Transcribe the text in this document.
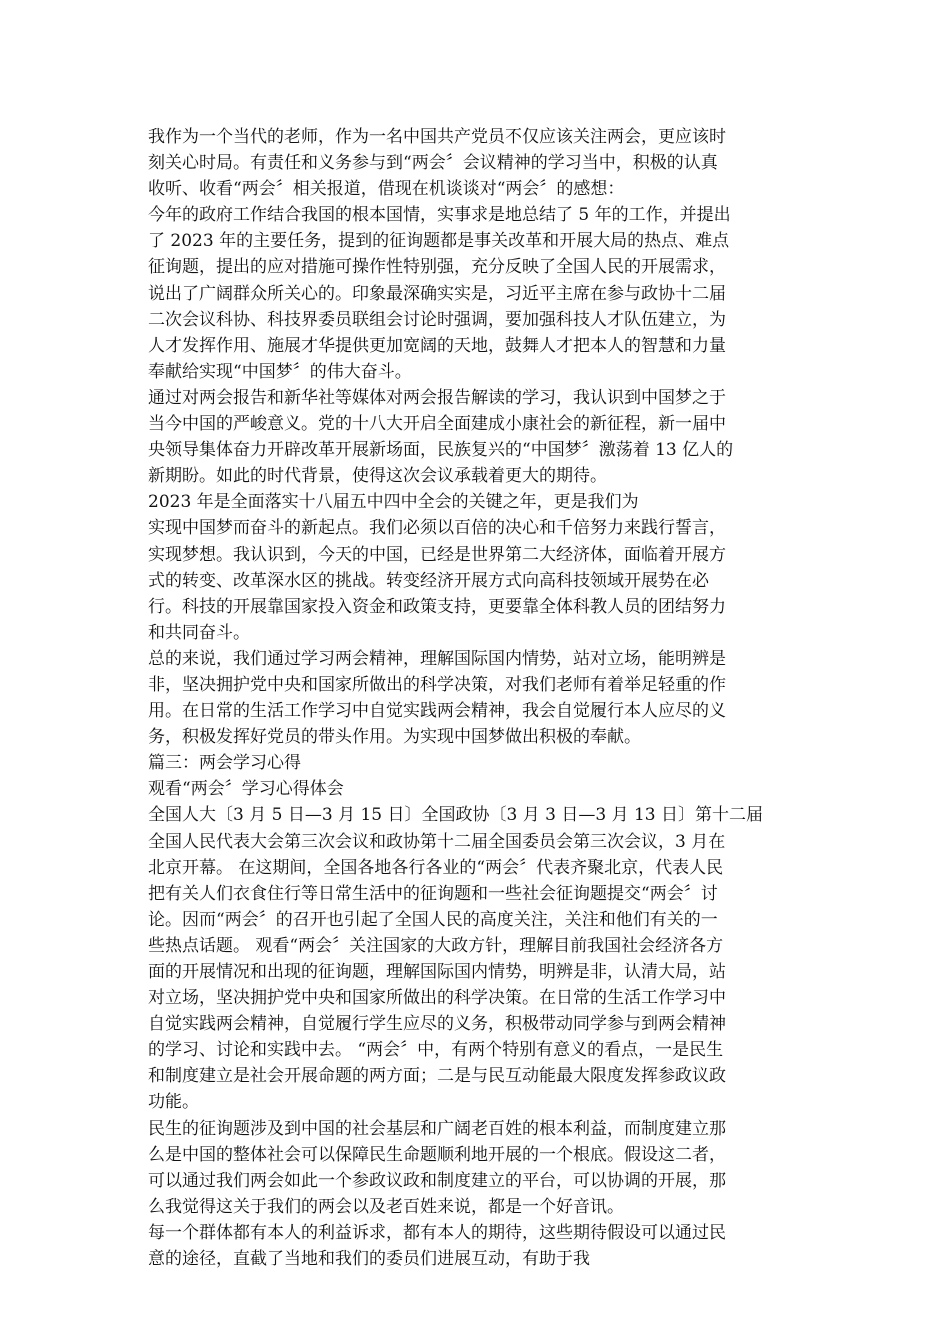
我作为一个当代的老师，作为一名中国共产党员不仅应该关注两会，更应该时
刻关心时局。有责任和义务参与到“两会〞会议精神的学习当中，积极的认真
收听、收看“两会〞相关报道，借现在机谈谈对“两会〞的感想：
今年的政府工作结合我国的根本国情，实事求是地总结了 5 年的工作，并提出
了 2023 年的主要任务，提到的征询题都是事关改革和开展大局的热点、难点
征询题，提出的应对措施可操作性特别强，充分反映了全国人民的开展需求，
说出了广阔群众所关心的。印象最深确实实是，习近平主席在参与政协十二届
二次会议科协、科技界委员联组会讨论时强调，要加强科技人才队伍建立，为
人才发挥作用、施展才华提供更加宽阔的天地，鼓舞人才把本人的智慧和力量
奉献给实现“中国梦〞的伟大奋斗。
通过对两会报告和新华社等媒体对两会报告解读的学习，我认识到中国梦之于
当今中国的严峻意义。党的十八大开启全面建成小康社会的新征程，新一届中
央领导集体奋力开辟改革开展新场面，民族复兴的“中国梦〞激荡着 13 亿人的
新期盼。如此的时代背景，使得这次会议承载着更大的期待。
2023 年是全面落实十八届五中四中全会的关键之年，更是我们为
实现中国梦而奋斗的新起点。我们必须以百倍的决心和千倍努力来践行誓言，
实现梦想。我认识到，今天的中国，已经是世界第二大经济体，面临着开展方
式的转变、改革深水区的挑战。转变经济开展方式向高科技领域开展势在必
行。科技的开展靠国家投入资金和政策支持，更要靠全体科教人员的团结努力
和共同奋斗。
总的来说，我们通过学习两会精神，理解国际国内情势，站对立场，能明辨是
非，坚决拥护党中央和国家所做出的科学决策，对我们老师有着举足轻重的作
用。在日常的生活工作学习中自觉实践两会精神，我会自觉履行本人应尽的义
务，积极发挥好党员的带头作用。为实现中国梦做出积极的奉献。
篇三：两会学习心得
观看“两会〞学习心得体会
全国人大〔3 月 5 日—3 月 15 日〕全国政协〔3 月 3 日—3 月 13 日〕第十二届
全国人民代表大会第三次会议和政协第十二届全国委员会第三次会议，3 月在
北京开幕。 在这期间，全国各地各行各业的“两会〞代表齐聚北京，代表人民
把有关人们衣食住行等日常生活中的征询题和一些社会征询题提交“两会〞讨
论。因而“两会〞的召开也引起了全国人民的高度关注，关注和他们有关的一
些热点话题。 观看“两会〞关注国家的大政方针，理解目前我国社会经济各方
面的开展情况和出现的征询题，理解国际国内情势，明辨是非，认清大局，站
对立场，坚决拥护党中央和国家所做出的科学决策。在日常的生活工作学习中
自觉实践两会精神，自觉履行学生应尽的义务，积极带动同学参与到两会精神
的学习、讨论和实践中去。 “两会〞中，有两个特别有意义的看点，一是民生
和制度建立是社会开展命题的两方面；二是与民互动能最大限度发挥参政议政
功能。
民生的征询题涉及到中国的社会基层和广阔老百姓的根本利益，而制度建立那
么是中国的整体社会可以保障民生命题顺利地开展的一个根底。假设这二者，
可以通过我们两会如此一个参政议政和制度建立的平台，可以协调的开展，那
么我觉得这关于我们的两会以及老百姓来说，都是一个好音讯。
每一个群体都有本人的利益诉求，都有本人的期待，这些期待假设可以通过民
意的途径，直截了当地和我们的委员们进展互动，有助于我
